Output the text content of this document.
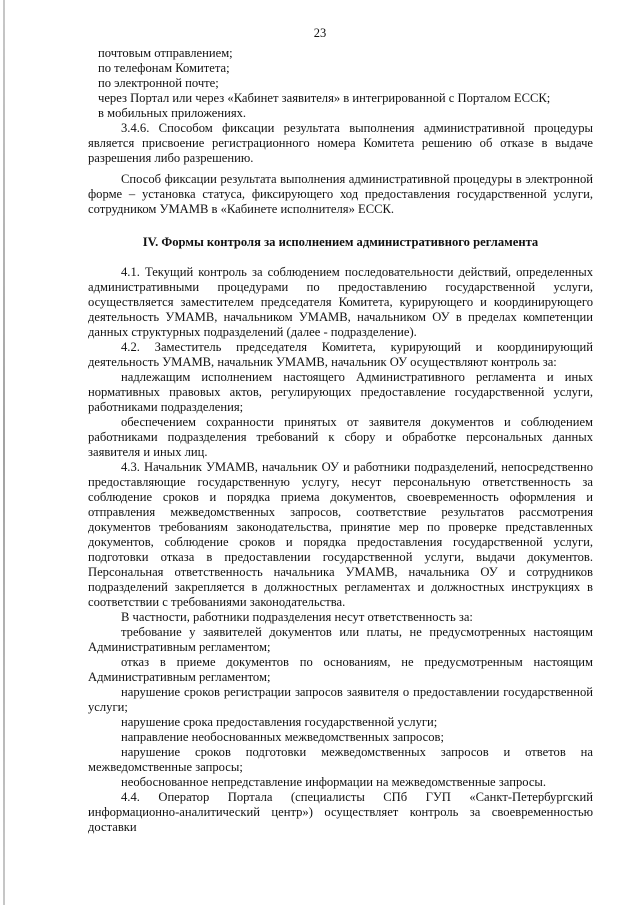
23

почтовым отправлением;

по телефонам Комитета;

по электронной почте;

через Портал или через «Кабинет заявителя» в интегрированной с Порталом ЕССК;

в мобильных приложениях.

3.4.6. Способом фиксации результата выполнения административной процедуры является присвоение регистрационного номера Комитета решению об отказе в выдаче разрешения либо разрешению.

Способ фиксации результата выполнения административной процедуры в электронной форме – установка статуса, фиксирующего ход предоставления государственной услуги, сотрудником УМАМВ в «Кабинете исполнителя» ЕССК.

IV. Формы контроля за исполнением административного регламента

4.1. Текущий контроль за соблюдением последовательности действий, определенных административными процедурами по предоставлению государственной услуги, осуществляется заместителем председателя Комитета, курирующего и координирующего деятельность УМАМВ, начальником УМАМВ, начальником ОУ в пределах компетенции данных структурных подразделений (далее - подразделение).

4.2. Заместитель председателя Комитета, курирующий и координирующий деятельность УМАМВ, начальник УМАМВ, начальник ОУ осуществляют контроль за:

надлежащим исполнением настоящего Административного регламента и иных нормативных правовых актов, регулирующих предоставление государственной услуги, работниками подразделения;

обеспечением сохранности принятых от заявителя документов и соблюдением работниками подразделения требований к сбору и обработке персональных данных заявителя и иных лиц.

4.3. Начальник УМАМВ, начальник ОУ и работники подразделений, непосредственно предоставляющие государственную услугу, несут персональную ответственность за соблюдение сроков и порядка приема документов, своевременность оформления и отправления межведомственных запросов, соответствие результатов рассмотрения документов требованиям законодательства, принятие мер по проверке представленных документов, соблюдение сроков и порядка предоставления государственной услуги, подготовки отказа в предоставлении государственной услуги, выдачи документов. Персональная ответственность начальника УМАМВ, начальника ОУ и сотрудников подразделений закрепляется в должностных регламентах и должностных инструкциях в соответствии с требованиями законодательства.

В частности, работники подразделения несут ответственность за:

требование у заявителей документов или платы, не предусмотренных настоящим Административным регламентом;

отказ в приеме документов по основаниям, не предусмотренным настоящим Административным регламентом;

нарушение сроков регистрации запросов заявителя о предоставлении государственной услуги;

нарушение срока предоставления государственной услуги;

направление необоснованных межведомственных запросов;

нарушение сроков подготовки межведомственных запросов и ответов на межведомственные запросы;

необоснованное непредставление информации на межведомственные запросы.

4.4. Оператор Портала (специалисты СПб ГУП «Санкт-Петербургский информационно-аналитический центр») осуществляет контроль за своевременностью доставки
